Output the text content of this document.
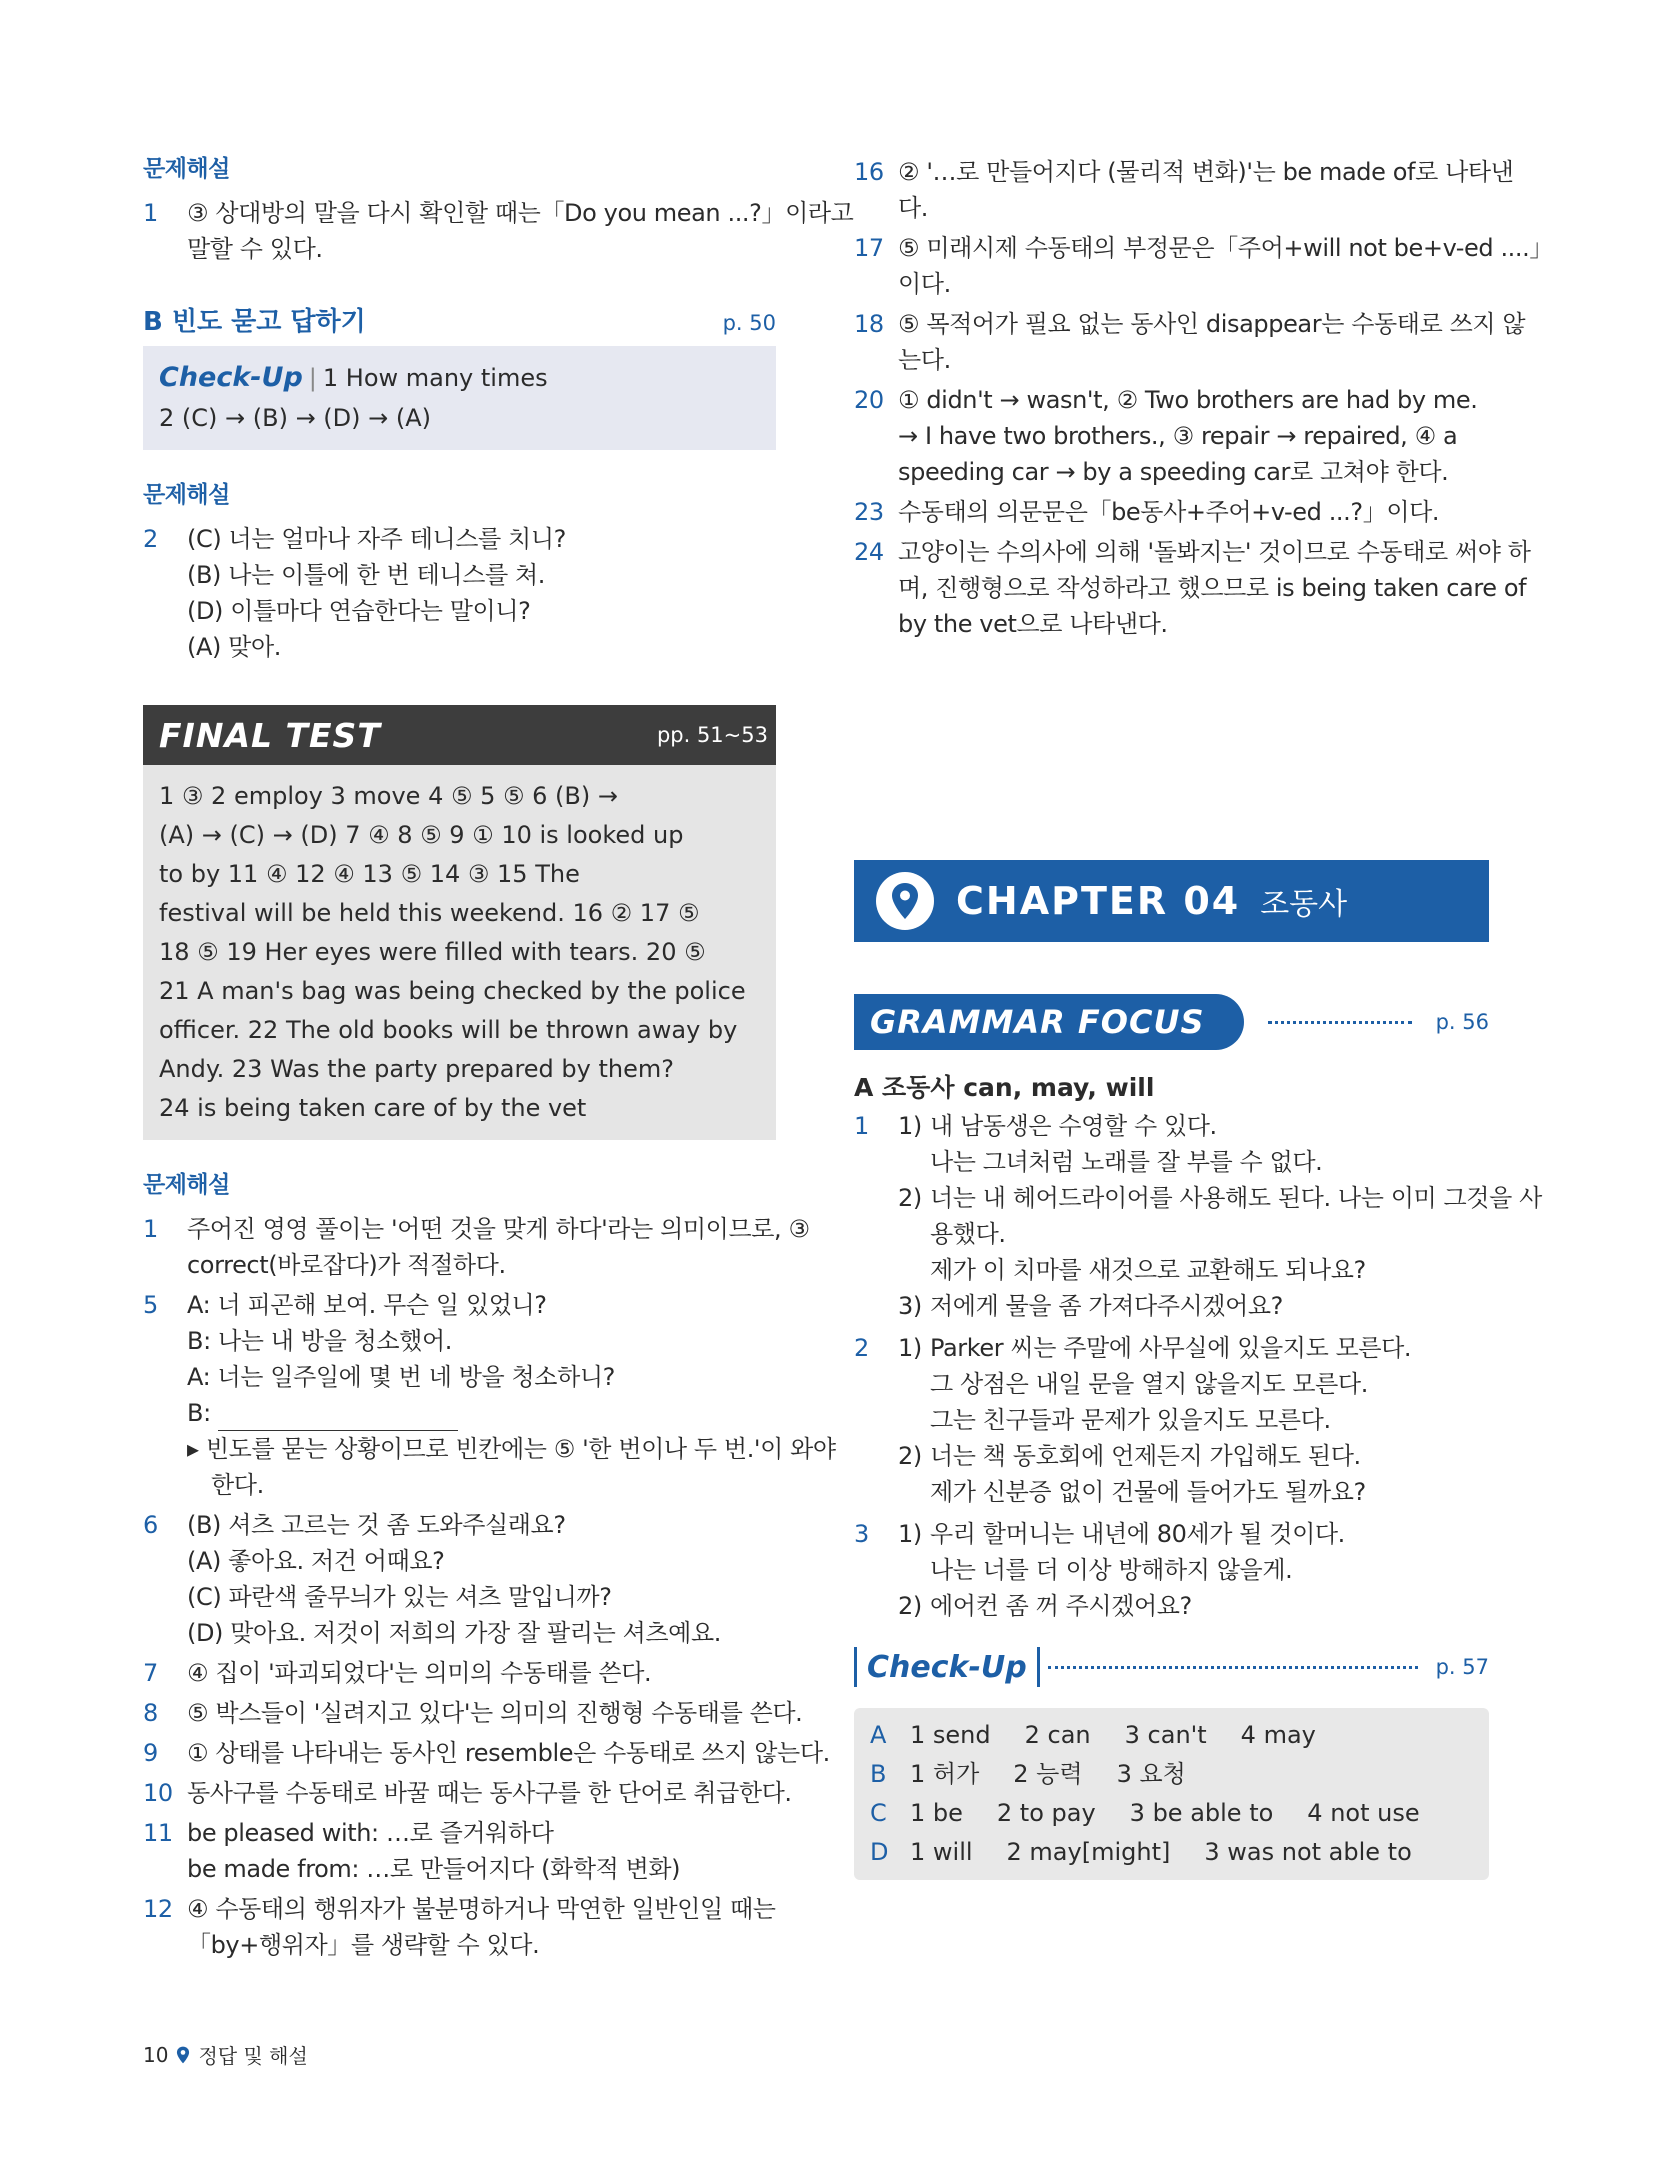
문제해설
1	③ 상대방의 말을 다시 확인할 때는「Do you mean ...?」이라고
말할 수 있다.
B 빈도 묻고 답하기	p. 50
Check-Up | 1 How many times
2 (C) → (B) → (D) → (A)
문제해설
2	(C) 너는 얼마나 자주 테니스를 치니?
(B) 나는 이틀에 한 번 테니스를 쳐.
(D) 이틀마다 연습한다는 말이니?
(A) 맞아.
FINAL TEST	pp. 51~53
1 ③ 2 employ 3 move 4 ⑤ 5 ⑤ 6 (B) →
(A) → (C) → (D) 7 ④ 8 ⑤ 9 ① 10 is looked up
to by 11 ④ 12 ④ 13 ⑤ 14 ③ 15 The
festival will be held this weekend. 16 ② 17 ⑤
18 ⑤ 19 Her eyes were filled with tears. 20 ⑤
21 A man's bag was being checked by the police
officer. 22 The old books will be thrown away by
Andy. 23 Was the party prepared by them?
24 is being taken care of by the vet
문제해설
1	주어진 영영 풀이는 '어떤 것을 맞게 하다'라는 의미이므로, ③
correct(바로잡다)가 적절하다.
5	A: 너 피곤해 보여. 무슨 일 있었니?
B: 나는 내 방을 청소했어.
A: 너는 일주일에 몇 번 네 방을 청소하니?
B:
▸ 빈도를 묻는 상황이므로 빈칸에는 ⑤ '한 번이나 두 번.'이 와야
한다.
6	(B) 셔츠 고르는 것 좀 도와주실래요?
(A) 좋아요. 저건 어때요?
(C) 파란색 줄무늬가 있는 셔츠 말입니까?
(D) 맞아요. 저것이 저희의 가장 잘 팔리는 셔츠예요.
7	④ 집이 '파괴되었다'는 의미의 수동태를 쓴다.
8	⑤ 박스들이 '실려지고 있다'는 의미의 진행형 수동태를 쓴다.
9	① 상태를 나타내는 동사인 resemble은 수동태로 쓰지 않는다.
10 동사구를 수동태로 바꿀 때는 동사구를 한 단어로 취급한다.
11 be pleased with: …로 즐거워하다
be made from: …로 만들어지다 (화학적 변화)
12 ④ 수동태의 행위자가 불분명하거나 막연한 일반인일 때는
「by+행위자」를 생략할 수 있다.
16 ② '…로 만들어지다 (물리적 변화)'는 be made of로 나타낸
다.
17 ⑤ 미래시제 수동태의 부정문은「주어+will not be+v-ed ....」
이다.
18 ⑤ 목적어가 필요 없는 동사인 disappear는 수동태로 쓰지 않
는다.
20 ① didn't → wasn't, ② Two brothers are had by me.
→ I have two brothers., ③ repair → repaired, ④ a
speeding car → by a speeding car로 고쳐야 한다.
23 수동태의 의문문은「be동사+주어+v-ed ...?」이다.
24 고양이는 수의사에 의해 '돌봐지는' 것이므로 수동태로 써야 하
며, 진행형으로 작성하라고 했으므로 is being taken care of
by the vet으로 나타낸다.
CHAPTER 04 조동사
GRAMMAR FOCUS	p. 56
A 조동사 can, may, will
1	1) 내 남동생은 수영할 수 있다.
나는 그녀처럼 노래를 잘 부를 수 없다.
2) 너는 내 헤어드라이어를 사용해도 된다. 나는 이미 그것을 사
용했다.
제가 이 치마를 새것으로 교환해도 되나요?
3) 저에게 물을 좀 가져다주시겠어요?
2	1) Parker 씨는 주말에 사무실에 있을지도 모른다.
그 상점은 내일 문을 열지 않을지도 모른다.
그는 친구들과 문제가 있을지도 모른다.
2) 너는 책 동호회에 언제든지 가입해도 된다.
제가 신분증 없이 건물에 들어가도 될까요?
3	1) 우리 할머니는 내년에 80세가 될 것이다.
나는 너를 더 이상 방해하지 않을게.
2) 에어컨 좀 꺼 주시겠어요?
Check-Up	p. 57
A 1 send 2 can 3 can't 4 may
B 1 허가 2 능력 3 요청
C 1 be 2 to pay 3 be able to 4 not use
D 1 will 2 may[might] 3 was not able to
10 정답 및 해설
